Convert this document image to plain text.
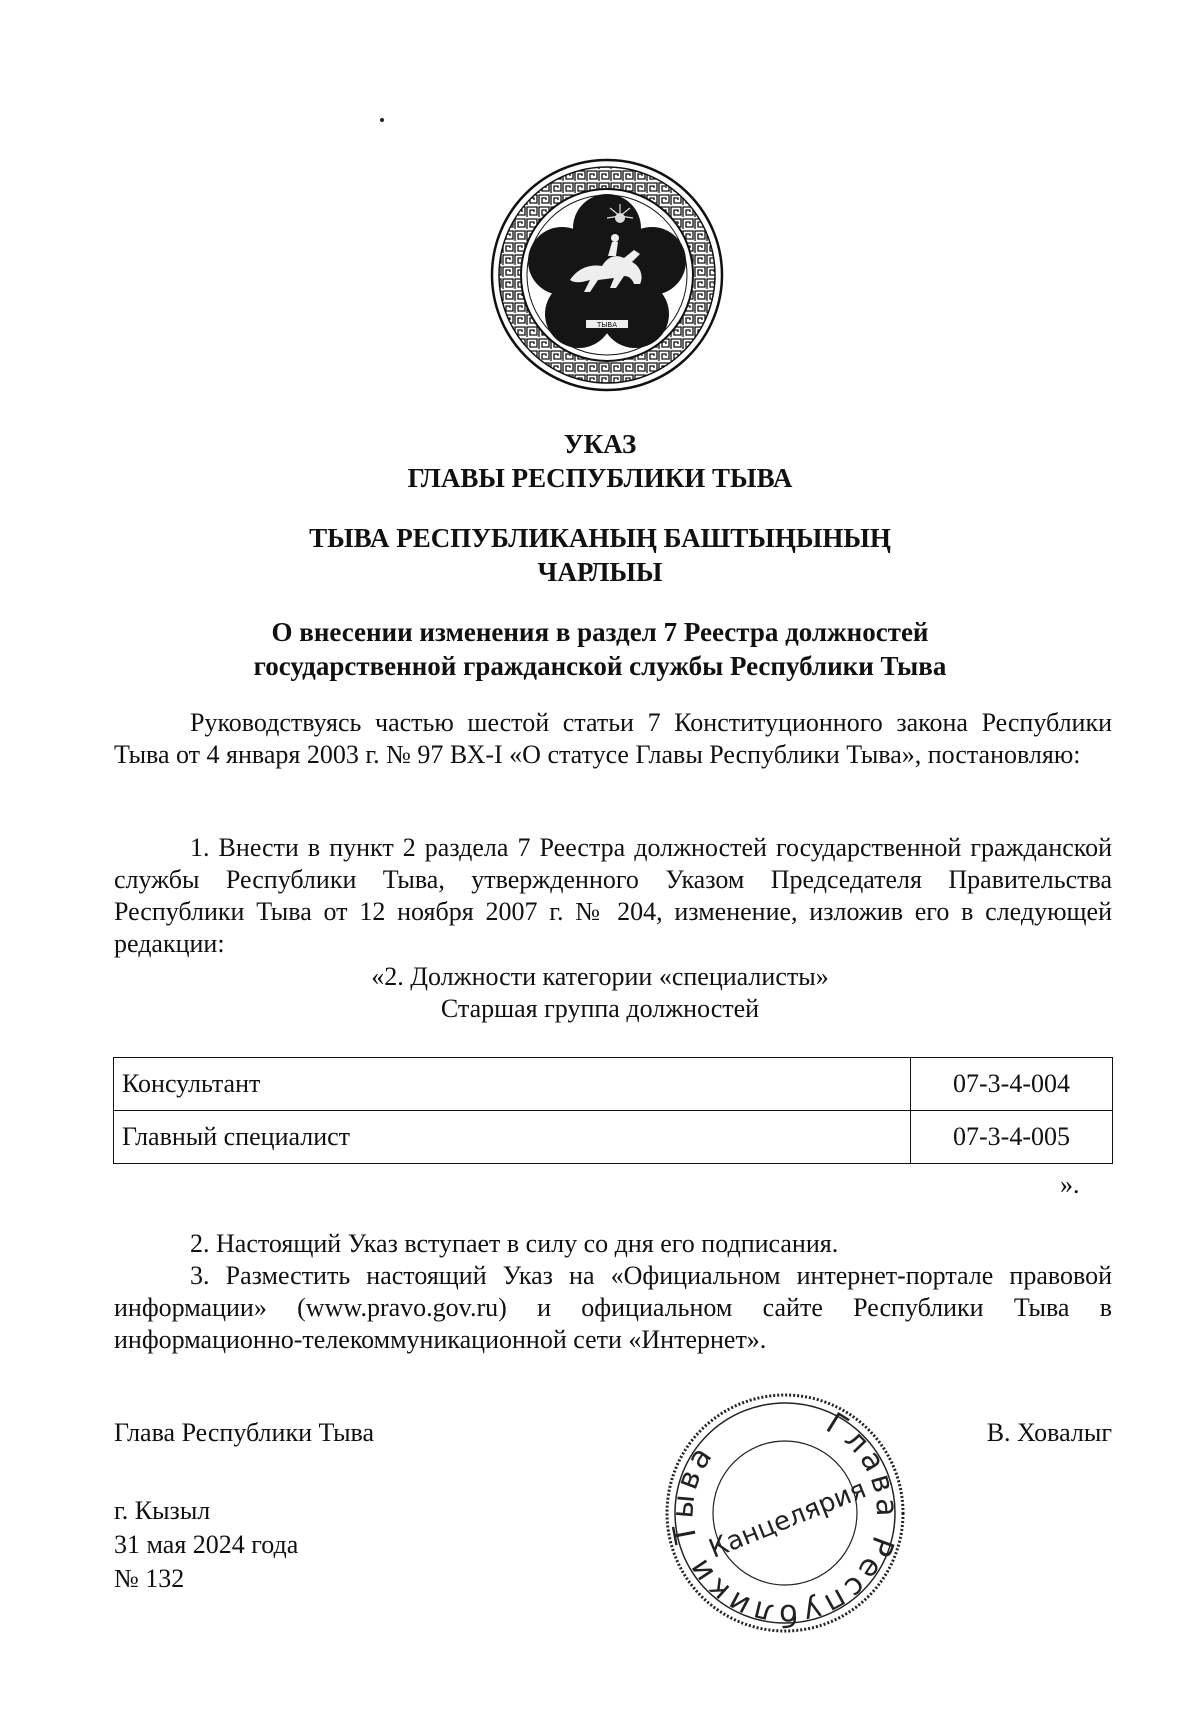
ТЫВА
УКАЗ
ГЛАВЫ РЕСПУБЛИКИ ТЫВА
ТЫВА РЕСПУБЛИКАНЫҢ БАШТЫҢЫНЫҢ
ЧАРЛЫЫ
О внесении изменения в раздел 7 Реестра должностей
государственной гражданской службы Республики Тыва
Руководствуясь частью шестой статьи 7 Конституционного закона Республики Тыва от 4 января 2003 г. № 97 ВХ-I «О статусе Главы Республики Тыва», постановляю:
1. Внести в пункт 2 раздела 7 Реестра должностей государственной гражданской службы Республики Тыва, утвержденного Указом Председателя Правительства Республики Тыва от 12 ноября 2007 г. № 204, изменение, изложив его в следующей редакции:
«2. Должности категории «специалисты»
Старшая группа должностей
Консультант	07-3-4-004
Главный специалист	07-3-4-005
».
2. Настоящий Указ вступает в силу со дня его подписания.
3. Разместить настоящий Указ на «Официальном интернет-портале правовой информации» (www.pravo.gov.ru) и официальном сайте Республики Тыва в информационно-телекоммуникационной сети «Интернет».
Глава Республики Тыва	В. Ховалыг
г. Кызыл
31 мая 2024 года
№ 132
Глава Республики Тыва
Канцелярия
